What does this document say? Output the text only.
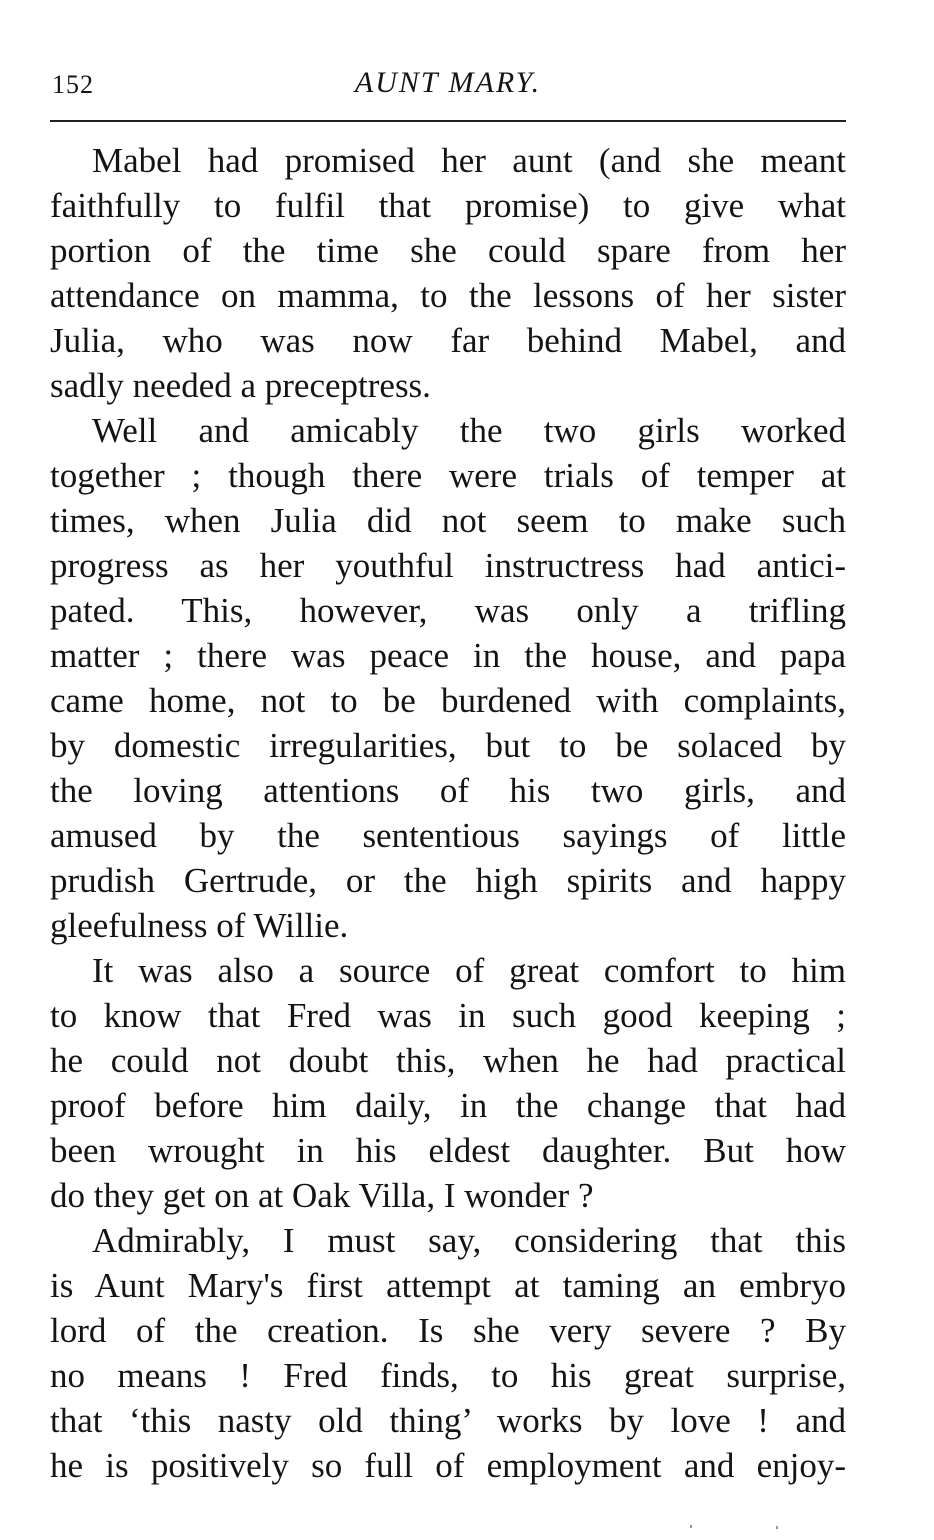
152	AUNT MARY.
Mabel had promised her aunt (and she meant
faithfully to fulfil that promise) to give what
portion of the time she could spare from her
attendance on mamma, to the lessons of her sister
Julia, who was now far behind Mabel, and
sadly needed a preceptress.
Well and amicably the two girls worked
together ; though there were trials of temper at
times, when Julia did not seem to make such
progress as her youthful instructress had antici-
pated. This, however, was only a trifling
matter ; there was peace in the house, and papa
came home, not to be burdened with complaints,
by domestic irregularities, but to be solaced by
the loving attentions of his two girls, and
amused by the sententious sayings of little
prudish Gertrude, or the high spirits and happy
gleefulness of Willie.
It was also a source of great comfort to him
to know that Fred was in such good keeping ;
he could not doubt this, when he had practical
proof before him daily, in the change that had
been wrought in his eldest daughter. But how
do they get on at Oak Villa, I wonder ?
Admirably, I must say, considering that this
is Aunt Mary's first attempt at taming an embryo
lord of the creation. Is she very severe ? By
no means ! Fred finds, to his great surprise,
that ‘this nasty old thing’ works by love ! and
he is positively so full of employment and enjoy-
